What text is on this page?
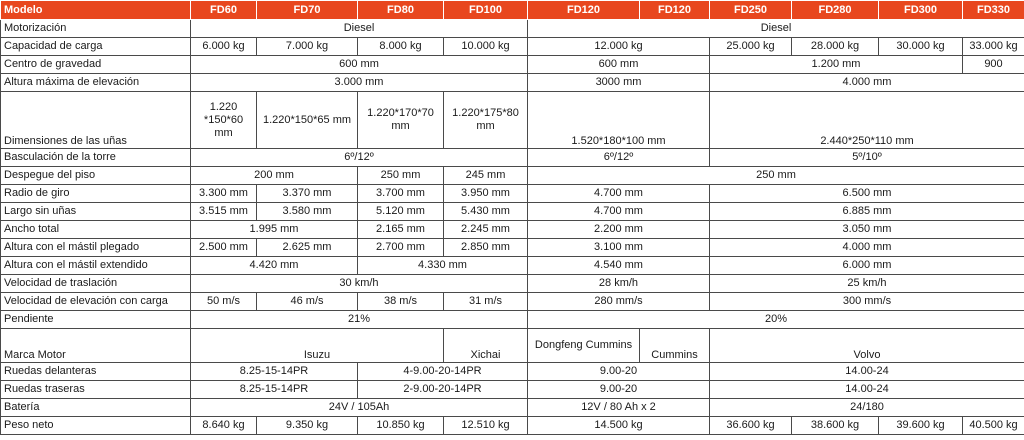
Modelo	FD60	FD70	FD80	FD100	FD120	FD120	FD250	FD280	FD300	FD330
Motorización	Diesel				Diesel					
Capacidad de carga	6.000 kg	7.000 kg	8.000 kg	10.000 kg	12.000 kg		25.000 kg	28.000 kg	30.000 kg	33.000 kg
Centro de gravedad	600 mm				600 mm		1.200 mm			900
Altura máxima de elevación	3.000 mm				3000 mm		4.000 mm			
Dimensiones de las uñas	1.220 *150*60 mm	1.220*150*65 mm	1.220*170*70 mm	1.220*175*80 mm	1.520*180*100 mm		2.440*250*110 mm			
Basculación de la torre	6º/12º				6º/12º		5º/10º			
Despegue del piso	200 mm		250 mm	245 mm	250 mm					
Radio de giro	3.300 mm	3.370 mm	3.700 mm	3.950 mm	4.700 mm		6.500 mm			
Largo sin uñas	3.515 mm	3.580 mm	5.120 mm	5.430 mm	4.700 mm		6.885 mm			
Ancho total	1.995 mm		2.165 mm	2.245 mm	2.200 mm		3.050 mm			
Altura con el mástil plegado	2.500 mm	2.625 mm	2.700 mm	2.850 mm	3.100 mm		4.000 mm			
Altura con el mástil extendido	4.420 mm		4.330 mm		4.540 mm		6.000 mm			
Velocidad de traslación	30 km/h				28 km/h		25 km/h			
Velocidad de elevación con carga	50 m/s	46 m/s	38 m/s	31 m/s	280 mm/s		300 mm/s			
Pendiente	21%				20%					
Marca Motor	Isuzu			Xichai	Dongfeng Cummins	Cummins	Volvo			
Ruedas delanteras	8.25-15-14PR		4-9.00-20-14PR		9.00-20		14.00-24			
Ruedas traseras	8.25-15-14PR		2-9.00-20-14PR		9.00-20		14.00-24			
Batería	24V / 105Ah				12V / 80 Ah x 2		24/180			
Peso neto	8.640 kg	9.350 kg	10.850 kg	12.510 kg	14.500 kg		36.600 kg	38.600 kg	39.600 kg	40.500 kg
